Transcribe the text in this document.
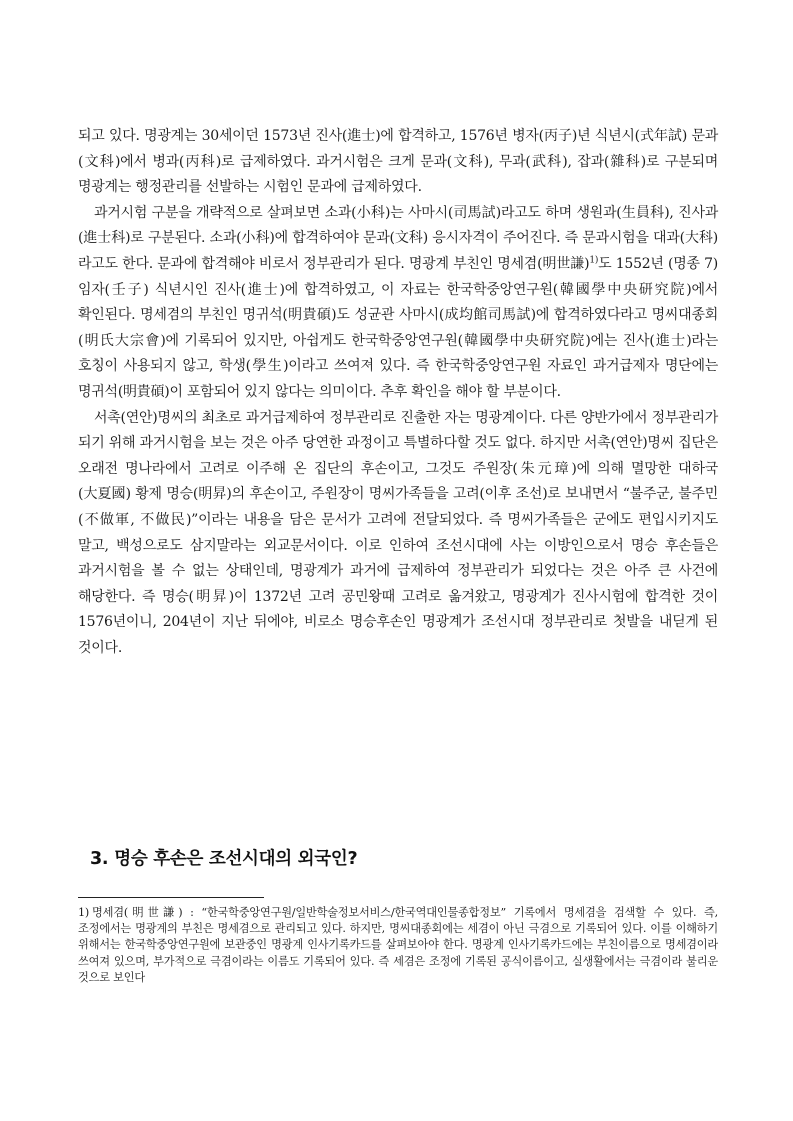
되고 있다. 명광계는 30세이던 1573년 진사(進士)에 합격하고, 1576년 병자(丙子)년 식년시(式年試) 문과(文科)에서 병과(丙科)로 급제하였다. 과거시험은 크게 문과(文科), 무과(武科), 잡과(雜科)로 구분되며 명광계는 행정관리를 선발하는 시험인 문과에 급제하였다.

과거시험 구분을 개략적으로 살펴보면 소과(小科)는 사마시(司馬試)라고도 하며 생원과(生員科), 진사과(進士科)로 구분된다. 소과(小科)에 합격하여야 문과(文科) 응시자격이 주어진다. 즉 문과시험을 대과(大科)라고도 한다. 문과에 합격해야 비로서 정부관리가 된다. 명광계 부친인 명세겸(明世謙)$^{1)}$도 1552년 (명종 7) 임자(壬子) 식년시인 진사(進士)에 합격하였고, 이 자료는 한국학중앙연구원(韓國學中央研究院)에서 확인된다. 명세겸의 부친인 명귀석(明貴碩)도 성균관 사마시(成均館司馬試)에 합격하였다라고 명씨대종회(明氏大宗會)에 기록되어 있지만, 아쉽게도 한국학중앙연구원(韓國學中央研究院)에는 진사(進士)라는 호칭이 사용되지 않고, 학생(學生)이라고 쓰여져 있다. 즉 한국학중앙연구원 자료인 과거급제자 명단에는 명귀석(明貴碩)이 포함되어 있지 않다는 의미이다. 추후 확인을 해야 할 부분이다.

서촉(연안)명씨의 최초로 과거급제하여 정부관리로 진출한 자는 명광계이다. 다른 양반가에서 정부관리가 되기 위해 과거시험을 보는 것은 아주 당연한 과정이고 특별하다할 것도 없다. 하지만 서촉(연안)명씨 집단은 오래전 명나라에서 고려로 이주해 온 집단의 후손이고, 그것도 주원장(朱元璋)에 의해 멸망한 대하국(大夏國) 황제 명승(明昇)의 후손이고, 주원장이 명씨가족들을 고려(이후 조선)로 보내면서 “불주군, 불주민(不做軍, 不做民)”이라는 내용을 담은 문서가 고려에 전달되었다. 즉 명씨가족들은 군에도 편입시키지도 말고, 백성으로도 삼지말라는 외교문서이다. 이로 인하여 조선시대에 사는 이방인으로서 명승 후손들은 과거시험을 볼 수 없는 상태인데, 명광계가 과거에 급제하여 정부관리가 되었다는 것은 아주 큰 사건에 해당한다. 즉 명승(明昇)이 1372년 고려 공민왕때 고려로 옮겨왔고, 명광계가 진사시험에 합격한 것이 1576년이니, 204년이 지난 뒤에야, 비로소 명승후손인 명광계가 조선시대 정부관리로 첫발을 내딛게 된 것이다.

3. 명승 후손은 조선시대의 외국인?
1) 명세겸(明世謙) : “한국학중앙연구원/일반학술정보서비스/한국역대인물종합정보” 기록에서 명세겸을 검색할 수 있다. 즉, 조정에서는 명광계의 부친은 명세겸으로 관리되고 있다. 하지만, 명씨대종회에는 세겸이 아닌 극겸으로 기록되어 있다. 이를 이해하기 위해서는 한국학중앙연구원에 보관중인 명광계 인사기록카드를 살펴보아야 한다. 명광계 인사기록카드에는 부친이름으로 명세겸이라 쓰여져 있으며, 부가적으로 극겸이라는 이름도 기록되어 있다. 즉 세겸은 조정에 기록된 공식이름이고, 실생활에서는 극겸이라 불리운 것으로 보인다
